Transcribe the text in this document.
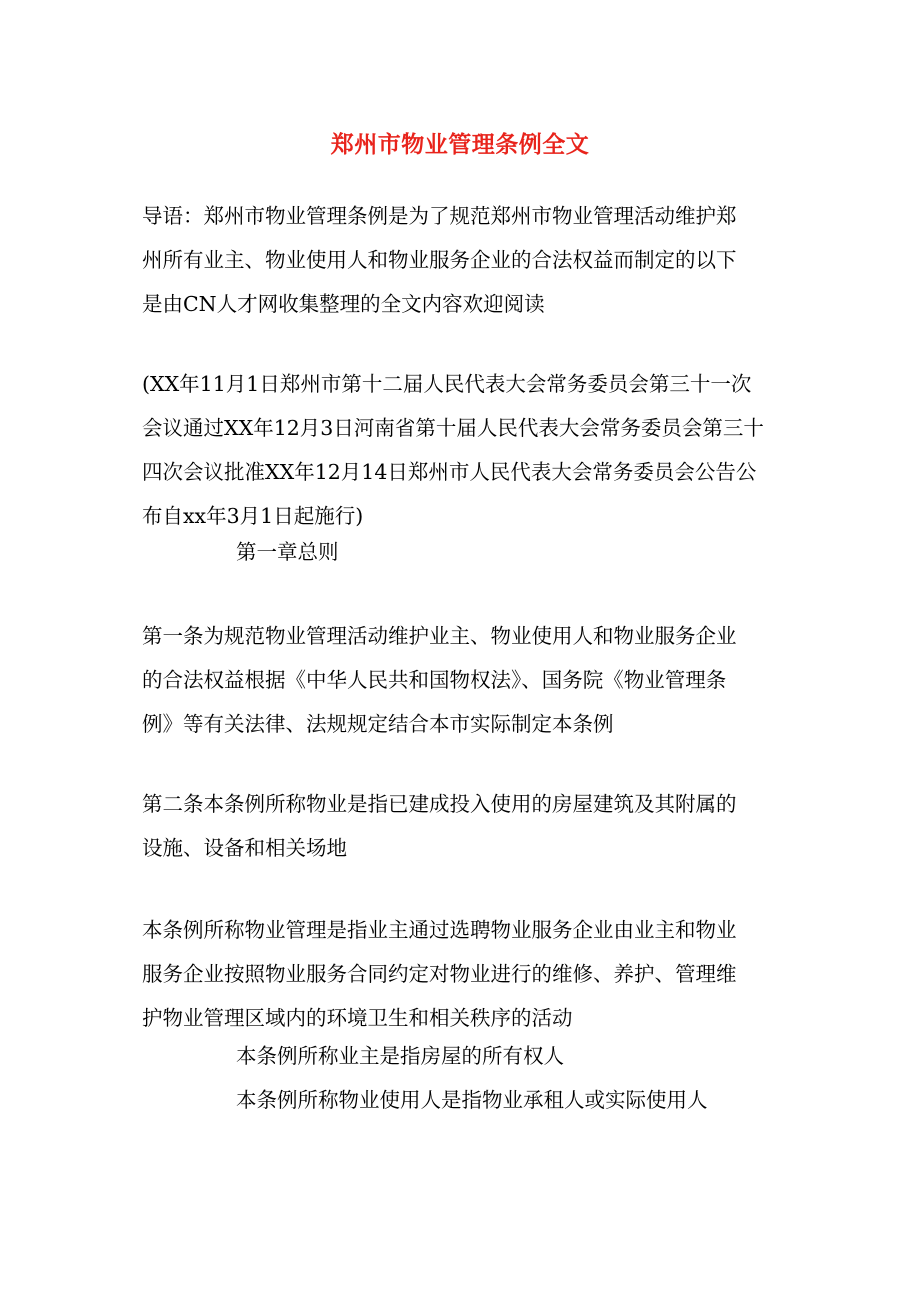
郑州市物业管理条例全文

导语：郑州市物业管理条例是为了规范郑州市物业管理活动维护郑
州所有业主、物业使用人和物业服务企业的合法权益而制定的以下
是由CN人才网收集整理的全文内容欢迎阅读

(XX年11月1日郑州市第十二届人民代表大会常务委员会第三十一次
会议通过XX年12月3日河南省第十届人民代表大会常务委员会第三十
四次会议批准XX年12月14日郑州市人民代表大会常务委员会公告公
布自xx年3月1日起施行)

第一章总则

第一条为规范物业管理活动维护业主、物业使用人和物业服务企业
的合法权益根据《中华人民共和国物权法》、国务院《物业管理条
例》等有关法律、法规规定结合本市实际制定本条例

第二条本条例所称物业是指已建成投入使用的房屋建筑及其附属的
设施、设备和相关场地

本条例所称物业管理是指业主通过选聘物业服务企业由业主和物业
服务企业按照物业服务合同约定对物业进行的维修、养护、管理维
护物业管理区域内的环境卫生和相关秩序的活动

本条例所称业主是指房屋的所有权人

本条例所称物业使用人是指物业承租人或实际使用人
